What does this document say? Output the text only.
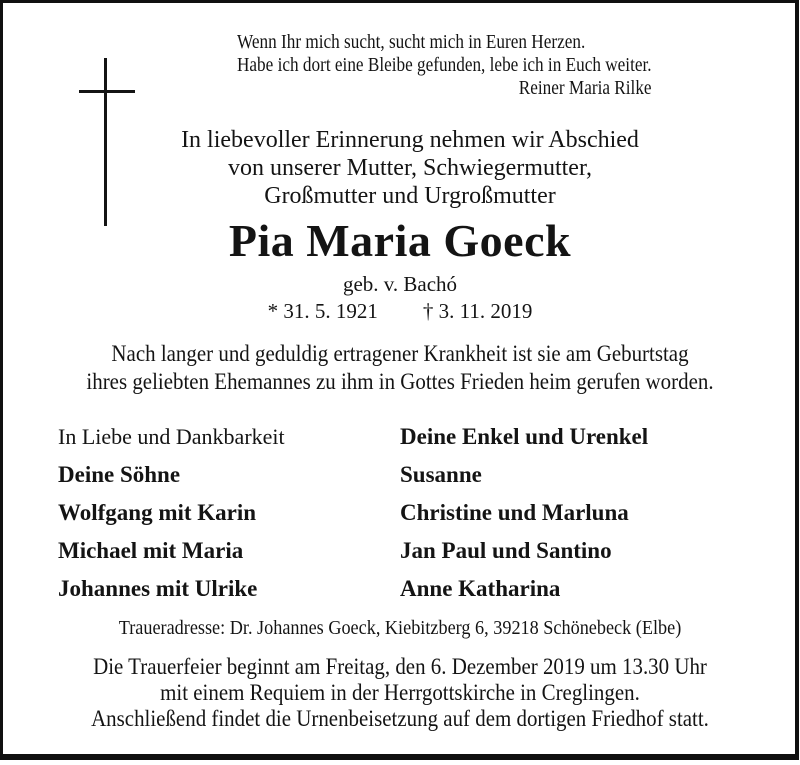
Wenn Ihr mich sucht, sucht mich in Euren Herzen.
Habe ich dort eine Bleibe gefunden, lebe ich in Euch weiter.
Reiner Maria Rilke
In liebevoller Erinnerung nehmen wir Abschied
von unserer Mutter, Schwiegermutter,
Großmutter und Urgroßmutter
Pia Maria Goeck
geb. v. Bachó
* 31. 5. 1921 † 3. 11. 2019
Nach langer und geduldig ertragener Krankheit ist sie am Geburtstag
ihres geliebten Ehemannes zu ihm in Gottes Frieden heim gerufen worden.
In Liebe und Dankbarkeit	Deine Enkel und Urenkel
Deine Söhne	Susanne
Wolfgang mit Karin	Christine und Marluna
Michael mit Maria	Jan Paul und Santino
Johannes mit Ulrike	Anne Katharina
Traueradresse: Dr. Johannes Goeck, Kiebitzberg 6, 39218 Schönebeck (Elbe)
Die Trauerfeier beginnt am Freitag, den 6. Dezember 2019 um 13.30 Uhr
mit einem Requiem in der Herrgottskirche in Creglingen.
Anschließend findet die Urnenbeisetzung auf dem dortigen Friedhof statt.
